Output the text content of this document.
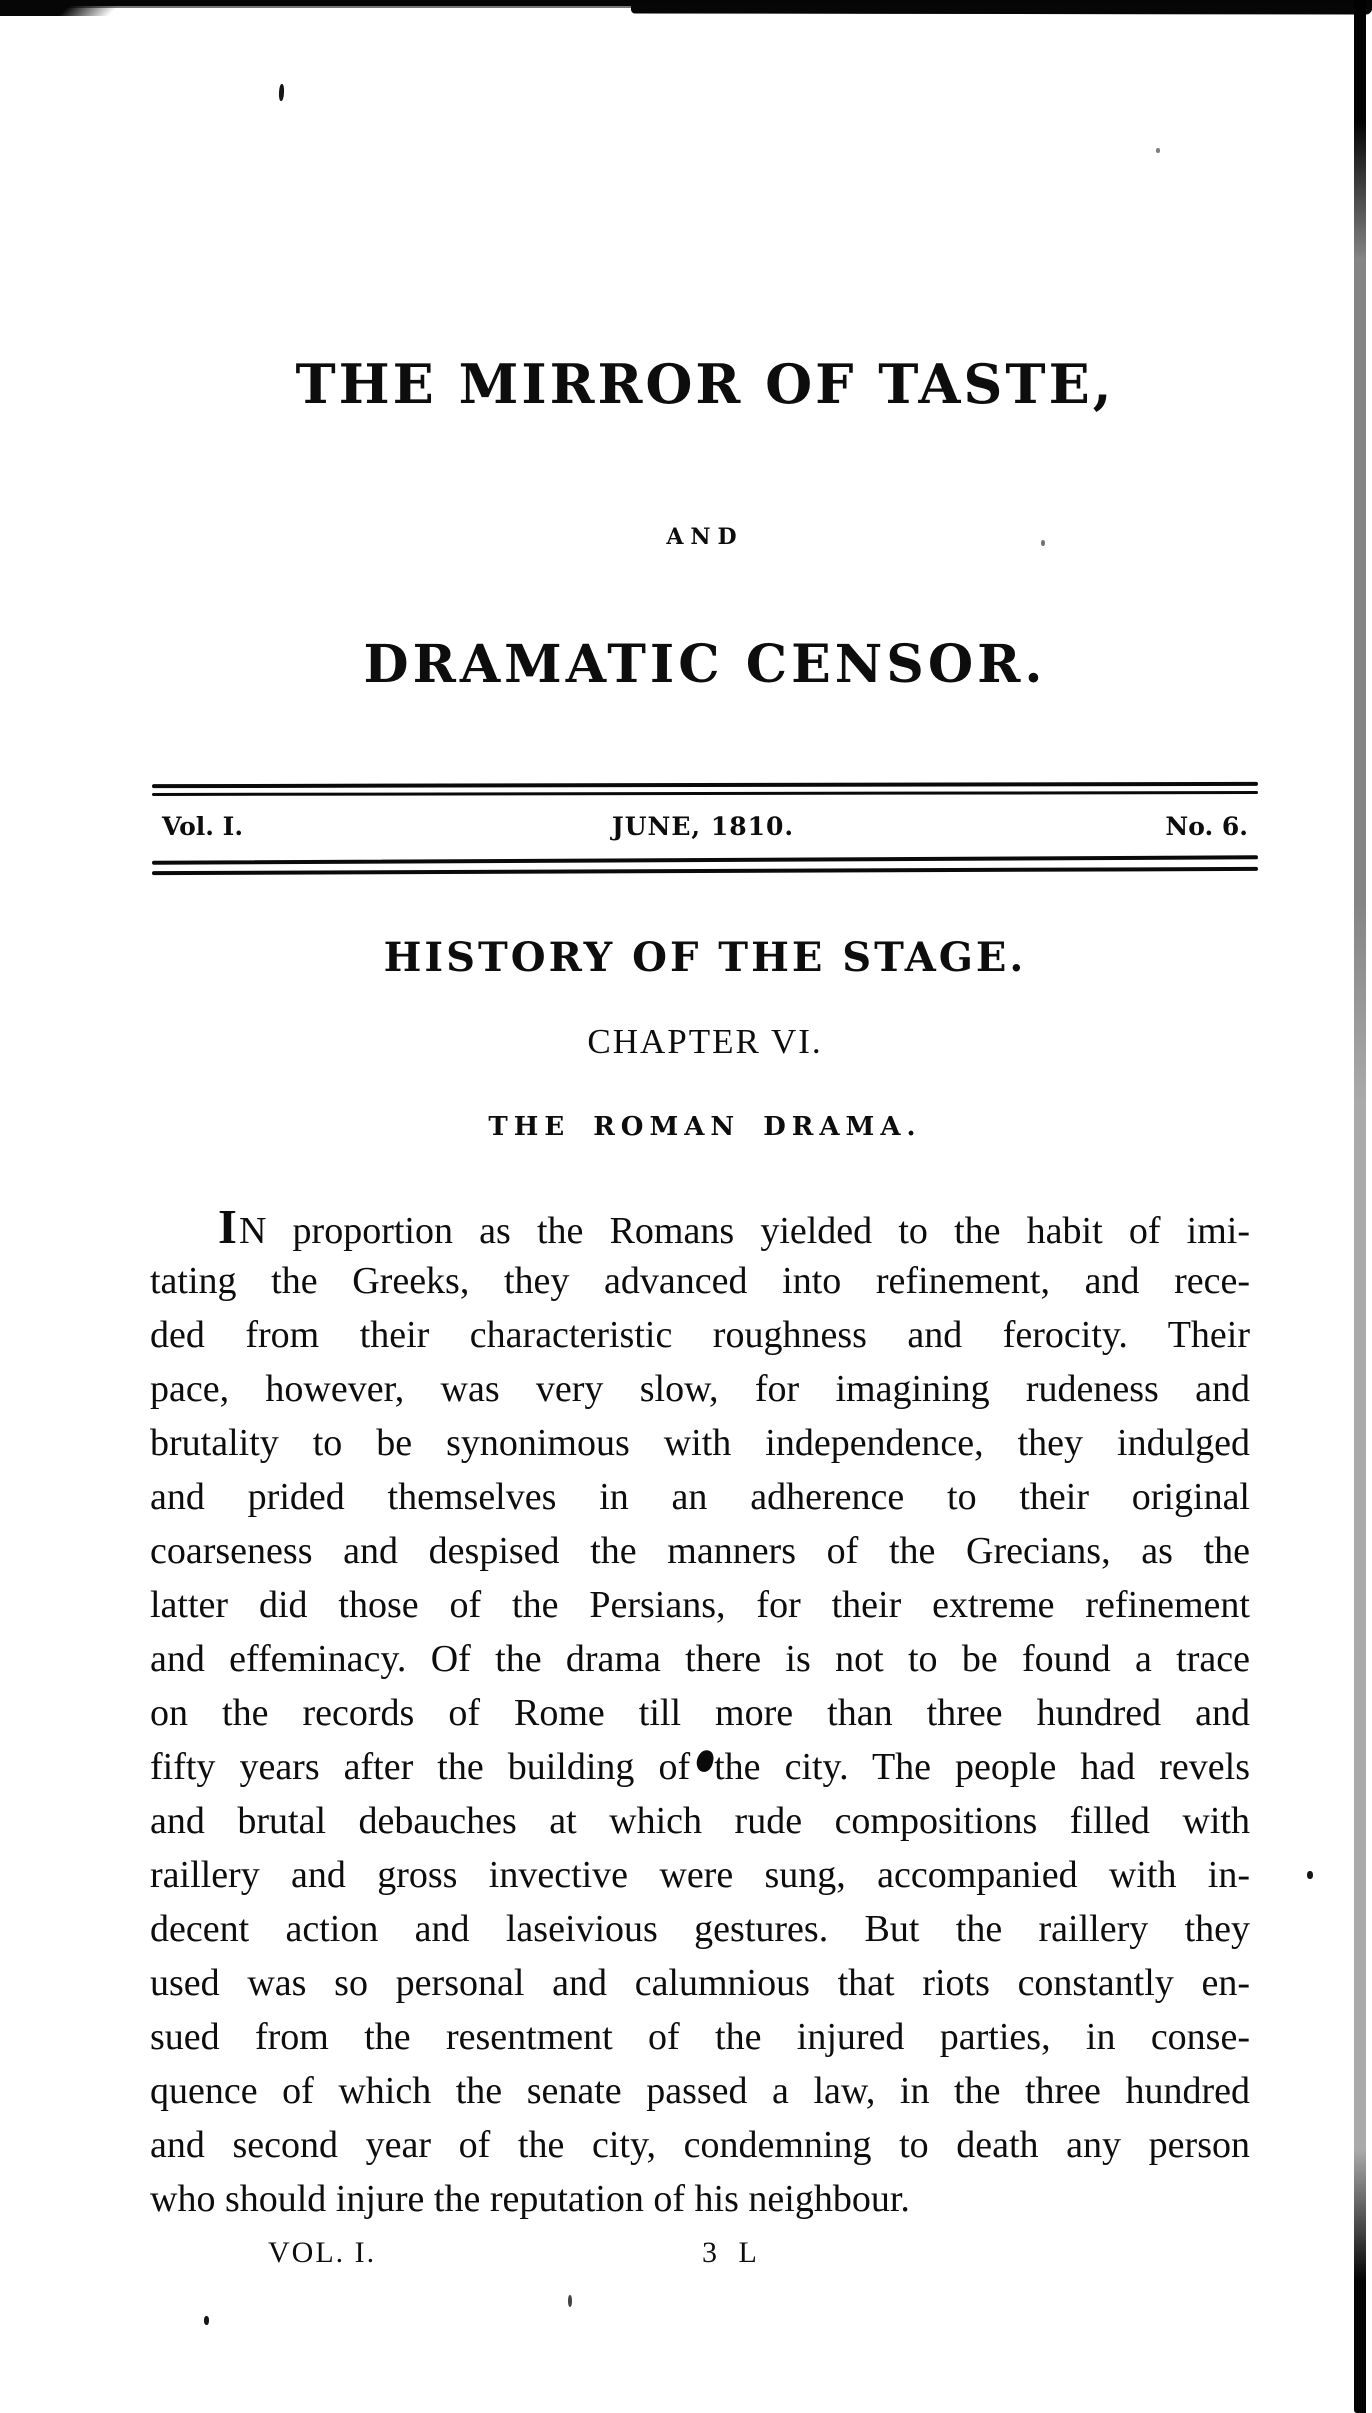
THE MIRROR OF TASTE,
AND
DRAMATIC CENSOR.
Vol. I.	JUNE, 1810.	No. 6.
HISTORY OF THE STAGE.
CHAPTER VI.
THE ROMAN DRAMA.
IN proportion as the Romans yielded to the habit of imi-
tating the Greeks, they advanced into refinement, and rece-
ded from their characteristic roughness and ferocity. Their
pace, however, was very slow, for imagining rudeness and
brutality to be synonimous with independence, they indulged
and prided themselves in an adherence to their original
coarseness and despised the manners of the Grecians, as the
latter did those of the Persians, for their extreme refinement
and effeminacy. Of the drama there is not to be found a trace
on the records of Rome till more than three hundred and
fifty years after the building of the city. The people had revels
and brutal debauches at which rude compositions filled with
raillery and gross invective were sung, accompanied with in-
decent action and laseivious gestures. But the raillery they
used was so personal and calumnious that riots constantly en-
sued from the resentment of the injured parties, in conse-
quence of which the senate passed a law, in the three hundred
and second year of the city, condemning to death any person
who should injure the reputation of his neighbour.
VOL. I.	3 L
